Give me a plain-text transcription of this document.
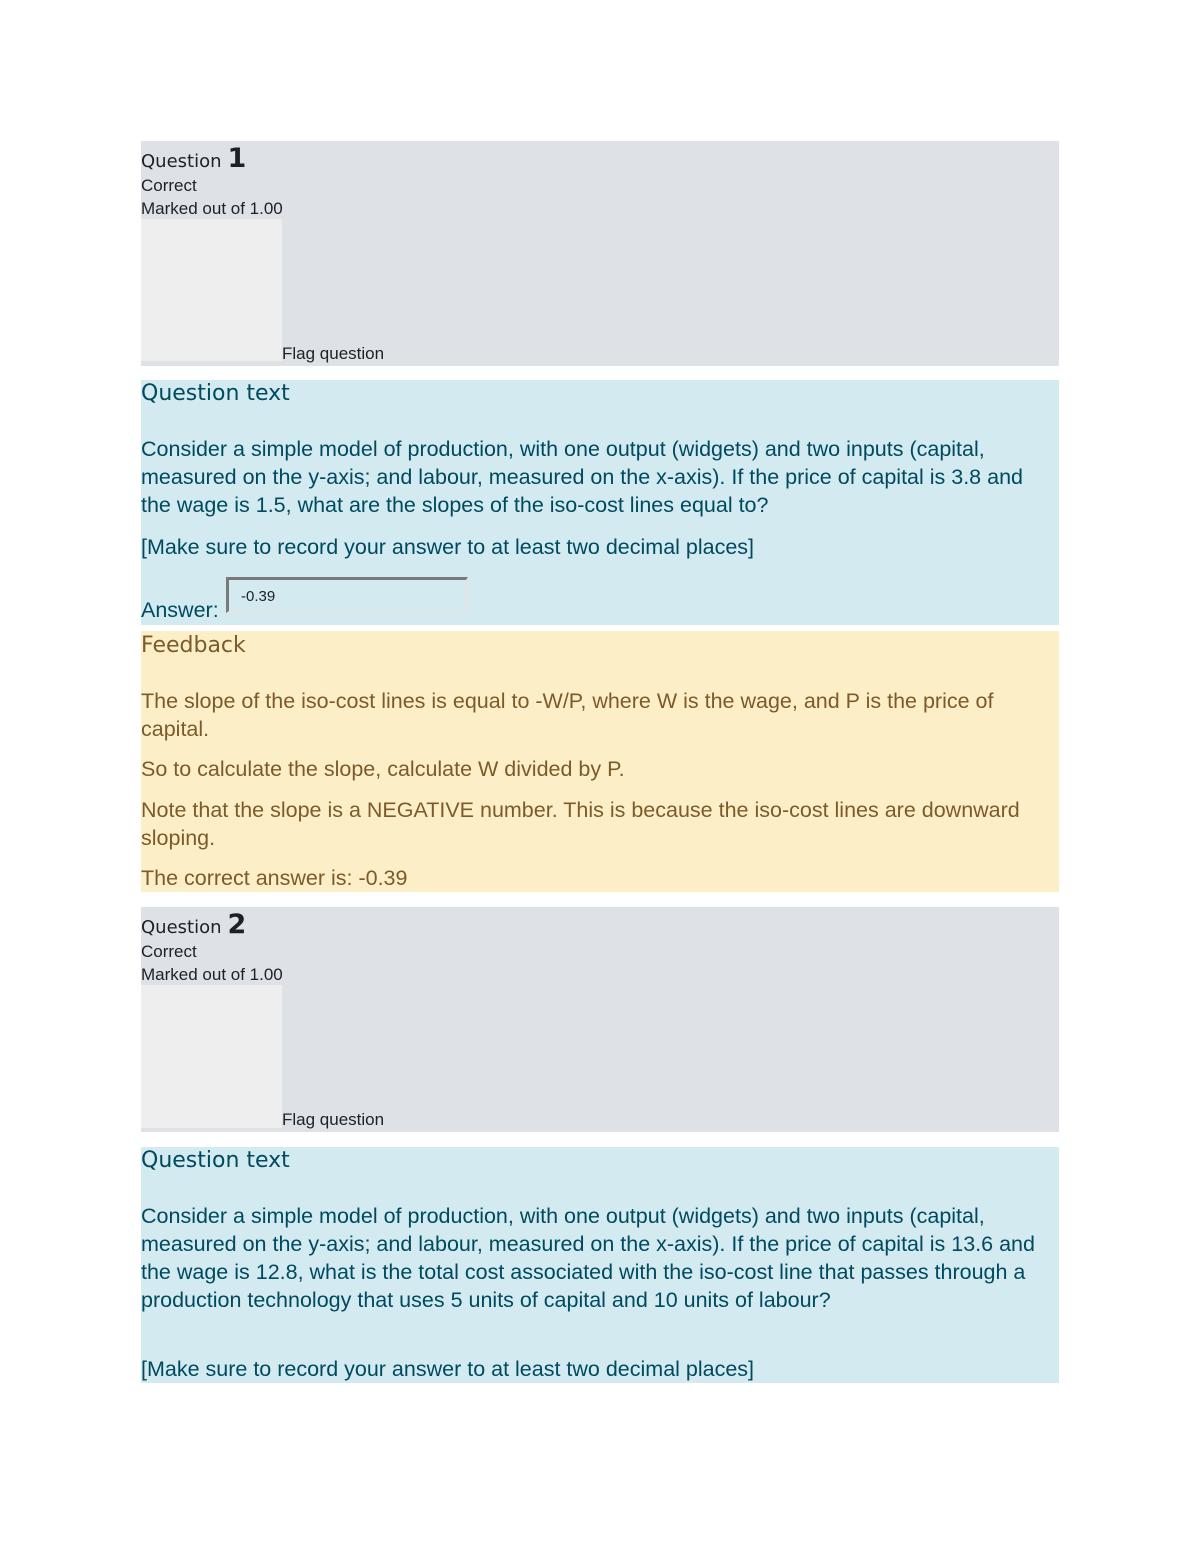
Question 1
Correct
Marked out of 1.00
Flag question
Question text
Consider a simple model of production, with one output (widgets) and two inputs (capital, measured on the y-axis; and labour, measured on the x-axis). If the price of capital is 3.8 and the wage is 1.5, what are the slopes of the iso-cost lines equal to?
[Make sure to record your answer to at least two decimal places]
Answer:
-0.39
Feedback
The slope of the iso-cost lines is equal to -W/P, where W is the wage, and P is the price of capital.
So to calculate the slope, calculate W divided by P.
Note that the slope is a NEGATIVE number. This is because the iso-cost lines are downward sloping.
The correct answer is: -0.39
Question 2
Correct
Marked out of 1.00
Flag question
Question text
Consider a simple model of production, with one output (widgets) and two inputs (capital, measured on the y-axis; and labour, measured on the x-axis). If the price of capital is 13.6 and the wage is 12.8, what is the total cost associated with the iso-cost line that passes through a production technology that uses 5 units of capital and 10 units of labour?
[Make sure to record your answer to at least two decimal places]
